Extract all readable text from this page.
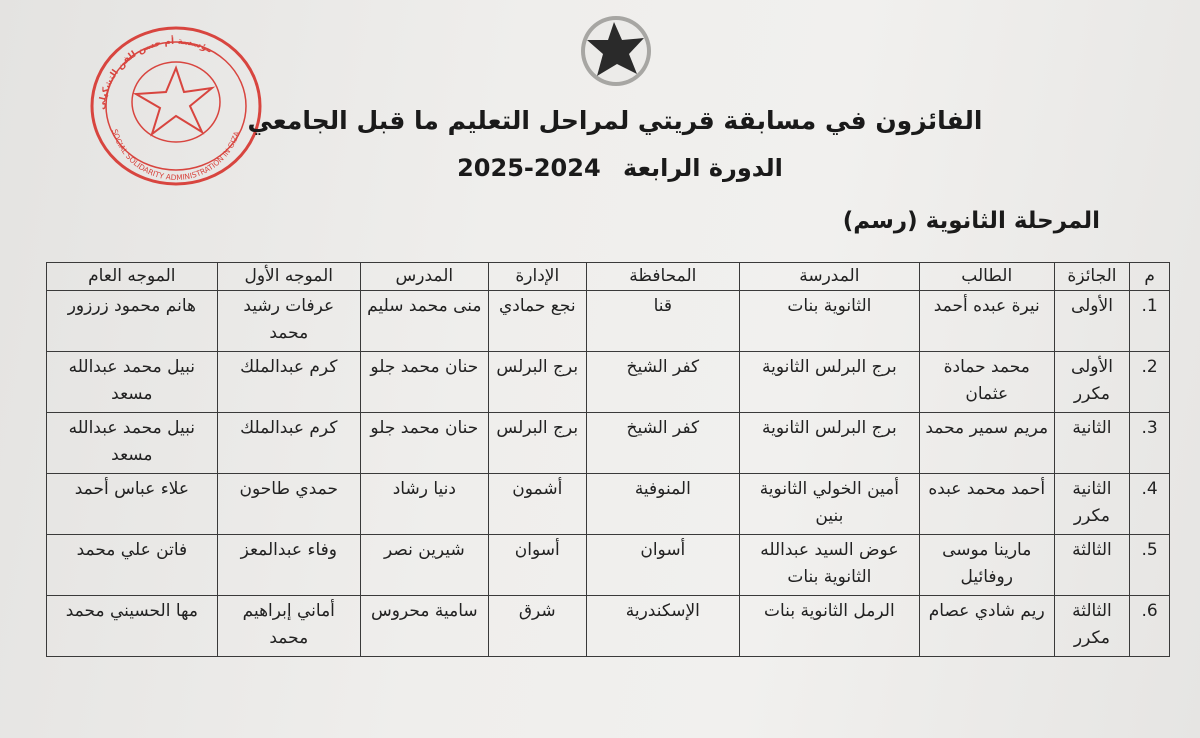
مؤسسة أم حسن للفن التشكيلي
SOCIAL SOLIDARITY ADMINISTRATION IN GIZA الفائزون في مسابقة قريتي لمراحل التعليم ما قبل الجامعي
الدورة الرابعة 2025-2024
المرحلة الثانوية (رسم)
م	الجائزة	الطالب	المدرسة	المحافظة	الإدارة	المدرس	الموجه الأول	الموجه العام
1.	الأولى	نيرة عبده أحمد	الثانوية بنات	قنا	نجع حمادي	منى محمد سليم	عرفات رشيد محمد	هانم محمود زرزور
2.	الأولى مكرر	محمد حمادة عثمان	برج البرلس الثانوية	كفر الشيخ	برج البرلس	حنان محمد جلو	كرم عبدالملك	نبيل محمد عبدالله مسعد
3.	الثانية	مريم سمير محمد	برج البرلس الثانوية	كفر الشيخ	برج البرلس	حنان محمد جلو	كرم عبدالملك	نبيل محمد عبدالله مسعد
4.	الثانية مكرر	أحمد محمد عبده	أمين الخولي الثانوية بنين	المنوفية	أشمون	دنيا رشاد	حمدي طاحون	علاء عباس أحمد
5.	الثالثة	مارينا موسى روفائيل	عوض السيد عبدالله الثانوية بنات	أسوان	أسوان	شيرين نصر	وفاء عبدالمعز	فاتن علي محمد
6.	الثالثة مكرر	ريم شادي عصام	الرمل الثانوية بنات	الإسكندرية	شرق	سامية محروس	أماني إبراهيم محمد	مها الحسيني محمد
